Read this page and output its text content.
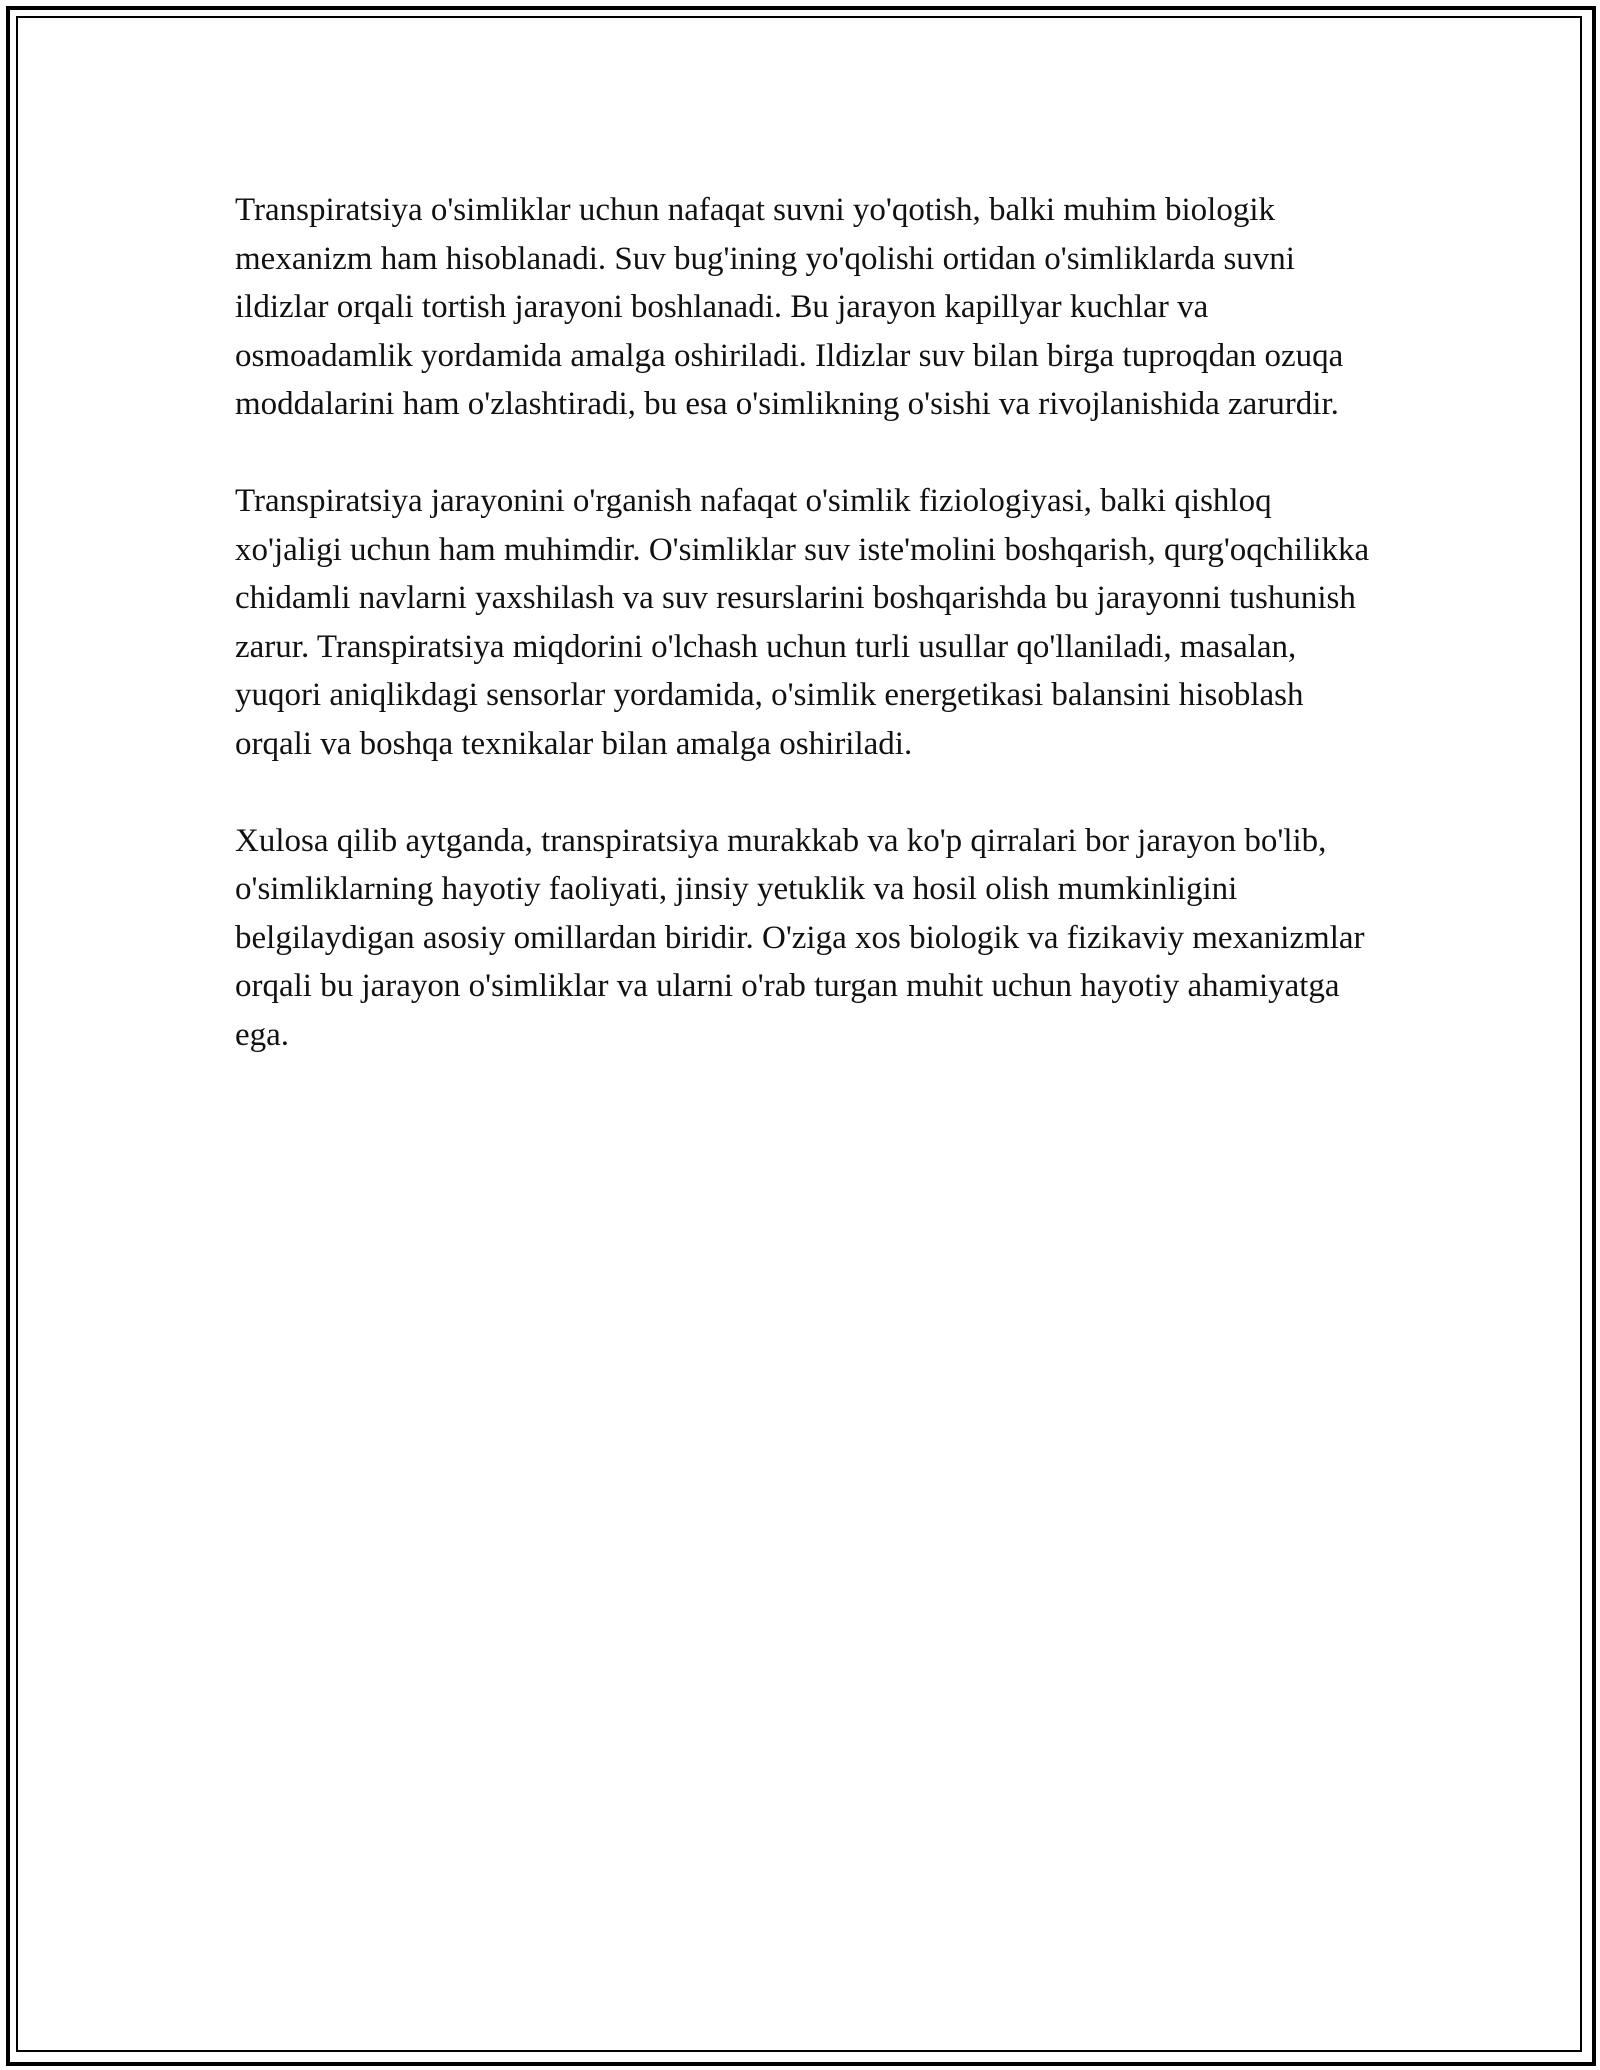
Transpiratsiya o'simliklar uchun nafaqat suvni yo'qotish, balki muhim biologik mexanizm ham hisoblanadi. Suv bug'ining yo'qolishi ortidan o'simliklarda suvni ildizlar orqali tortish jarayoni boshlanadi. Bu jarayon kapillyar kuchlar va osmoadamlik yordamida amalga oshiriladi. Ildizlar suv bilan birga tuproqdan ozuqa moddalarini ham o'zlashtiradi, bu esa o'simlikning o'sishi va rivojlanishida zarurdir.

Transpiratsiya jarayonini o'rganish nafaqat o'simlik fiziologiyasi, balki qishloq xo'jaligi uchun ham muhimdir. O'simliklar suv iste'molini boshqarish, qurg'oqchilikka chidamli navlarni yaxshilash va suv resurslarini boshqarishda bu jarayonni tushunish zarur. Transpiratsiya miqdorini o'lchash uchun turli usullar qo'llaniladi, masalan, yuqori aniqlikdagi sensorlar yordamida, o'simlik energetikasi balansini hisoblash orqali va boshqa texnikalar bilan amalga oshiriladi.

Xulosa qilib aytganda, transpiratsiya murakkab va ko'p qirralari bor jarayon bo'lib, o'simliklarning hayotiy faoliyati, jinsiy yetuklik va hosil olish mumkinligini belgilaydigan asosiy omillardan biridir. O'ziga xos biologik va fizikaviy mexanizmlar orqali bu jarayon o'simliklar va ularni o'rab turgan muhit uchun hayotiy ahamiyatga ega.
